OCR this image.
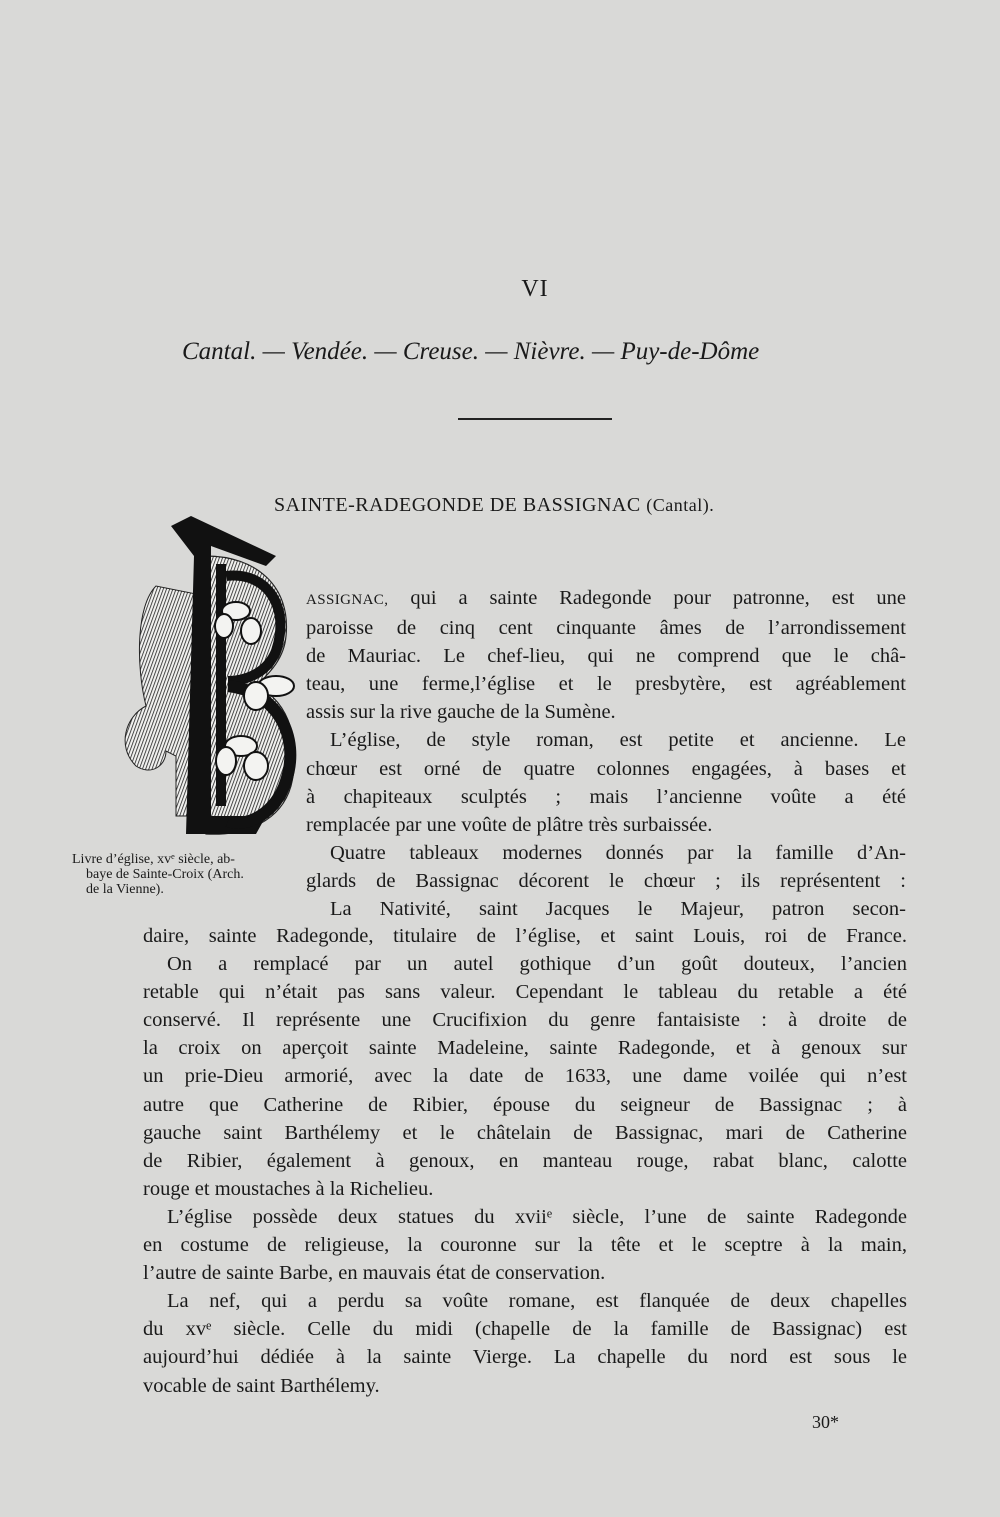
VI
Cantal. — Vendée. — Creuse. — Nièvre. — Puy-de-Dôme
SAINTE-RADEGONDE DE BASSIGNAC (Cantal).
Livre d’église, xvᵉ siècle, ab-
baye de Sainte-Croix (Arch.
de la Vienne).
ASSIGNAC, qui a sainte Radegonde pour patronne, est une
paroisse de cinq cent cinquante âmes de l’arrondissement
de Mauriac. Le chef-lieu, qui ne comprend que le châ-
teau, une ferme,l’église et le presbytère, est agréablement
assis sur la rive gauche de la Sumène.
L’église, de style roman, est petite et ancienne. Le
chœur est orné de quatre colonnes engagées, à bases et
à chapiteaux sculptés ; mais l’ancienne voûte a été
remplacée par une voûte de plâtre très surbaissée.
Quatre tableaux modernes donnés par la famille d’An-
glards de Bassignac décorent le chœur ; ils représentent :
La Nativité, saint Jacques le Majeur, patron secon-
daire, sainte Radegonde, titulaire de l’église, et saint Louis, roi de France.
On a remplacé par un autel gothique d’un goût douteux, l’ancien
retable qui n’était pas sans valeur. Cependant le tableau du retable a été
conservé. Il représente une Crucifixion du genre fantaisiste : à droite de
la croix on aperçoit sainte Madeleine, sainte Radegonde, et à genoux sur
un prie-Dieu armorié, avec la date de 1633, une dame voilée qui n’est
autre que Catherine de Ribier, épouse du seigneur de Bassignac ; à
gauche saint Barthélemy et le châtelain de Bassignac, mari de Catherine
de Ribier, également à genoux, en manteau rouge, rabat blanc, calotte
rouge et moustaches à la Richelieu.
L’église possède deux statues du xviiᵉ siècle, l’une de sainte Radegonde
en costume de religieuse, la couronne sur la tête et le sceptre à la main,
l’autre de sainte Barbe, en mauvais état de conservation.
La nef, qui a perdu sa voûte romane, est flanquée de deux chapelles
du xvᵉ siècle. Celle du midi (chapelle de la famille de Bassignac) est
aujourd’hui dédiée à la sainte Vierge. La chapelle du nord est sous le
vocable de saint Barthélemy.
30*
